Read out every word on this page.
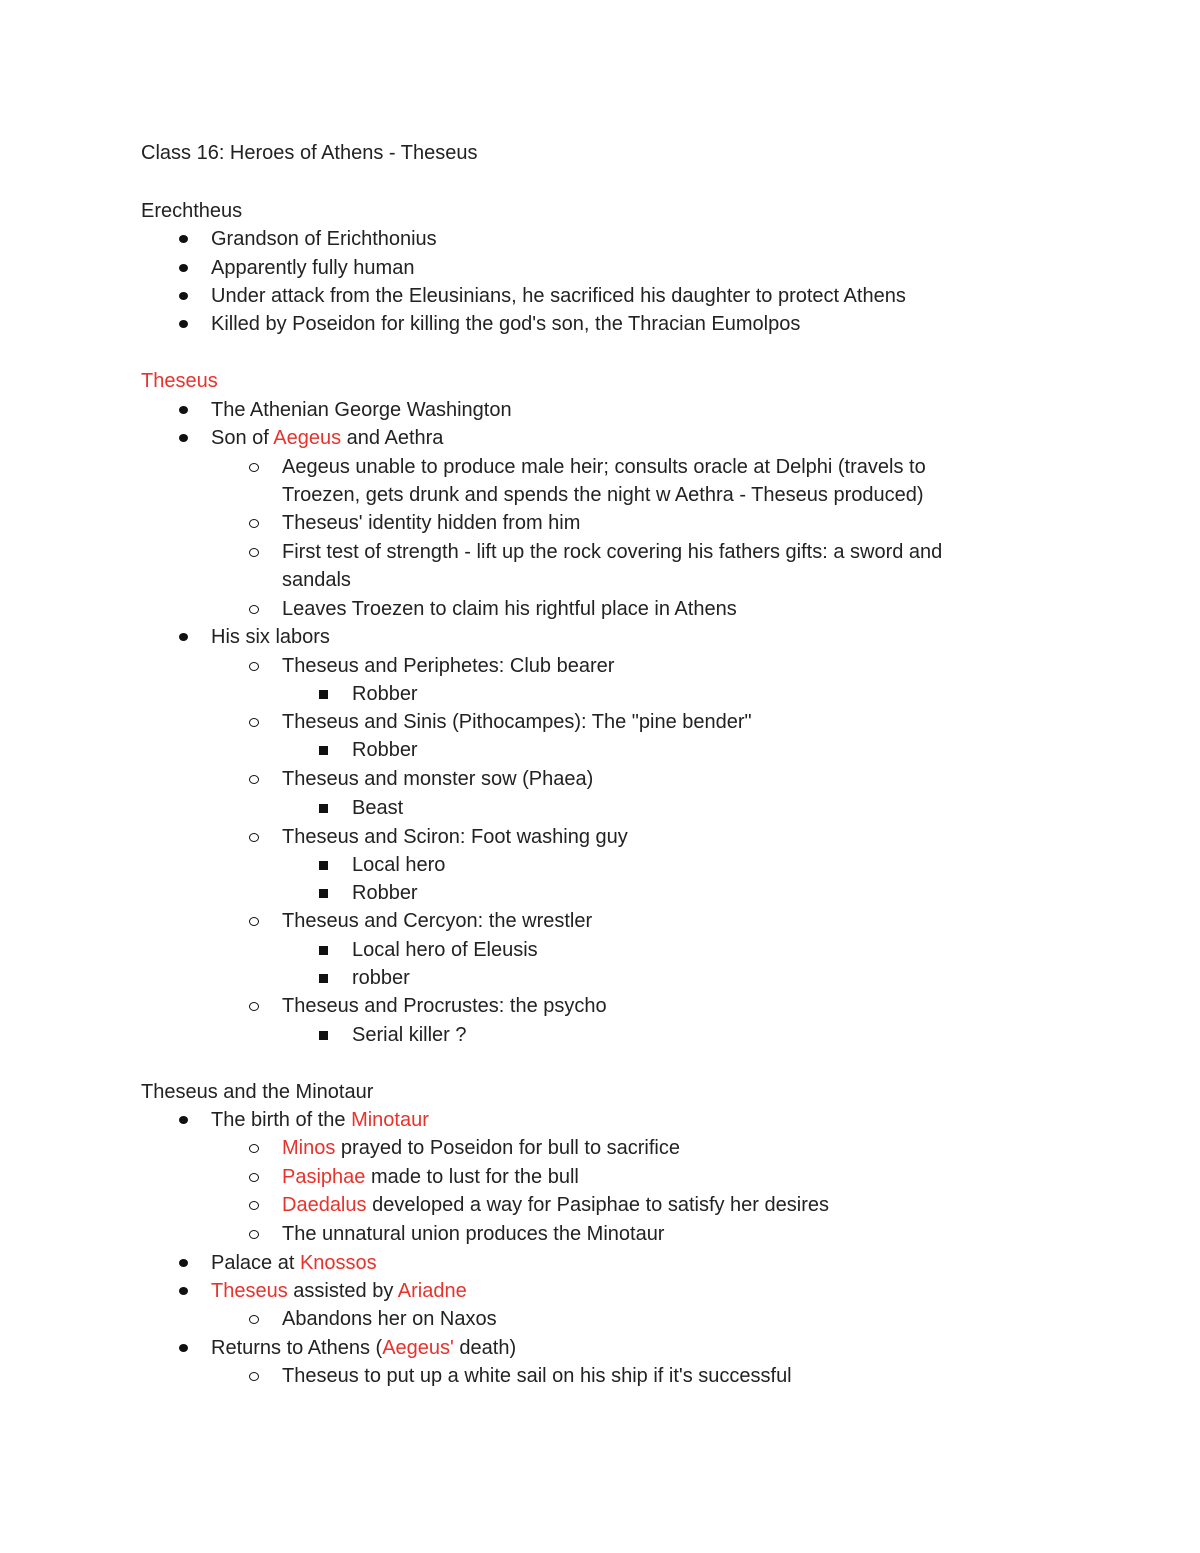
Class 16: Heroes of Athens - Theseus
Erechtheus
Grandson of Erichthonius
Apparently fully human
Under attack from the Eleusinians, he sacrificed his daughter to protect Athens
Killed by Poseidon for killing the god's son, the Thracian Eumolpos
Theseus
The Athenian George Washington
Son of Aegeus and Aethra
Aegeus unable to produce male heir; consults oracle at Delphi (travels to
Troezen, gets drunk and spends the night w Aethra - Theseus produced)
Theseus' identity hidden from him
First test of strength - lift up the rock covering his fathers gifts: a sword and
sandals
Leaves Troezen to claim his rightful place in Athens
His six labors
Theseus and Periphetes: Club bearer
Robber
Theseus and Sinis (Pithocampes): The "pine bender"
Robber
Theseus and monster sow (Phaea)
Beast
Theseus and Sciron: Foot washing guy
Local hero
Robber
Theseus and Cercyon: the wrestler
Local hero of Eleusis
robber
Theseus and Procrustes: the psycho
Serial killer ?
Theseus and the Minotaur
The birth of the Minotaur
Minos prayed to Poseidon for bull to sacrifice
Pasiphae made to lust for the bull
Daedalus developed a way for Pasiphae to satisfy her desires
The unnatural union produces the Minotaur
Palace at Knossos
Theseus assisted by Ariadne
Abandons her on Naxos
Returns to Athens (Aegeus' death)
Theseus to put up a white sail on his ship if it's successful
